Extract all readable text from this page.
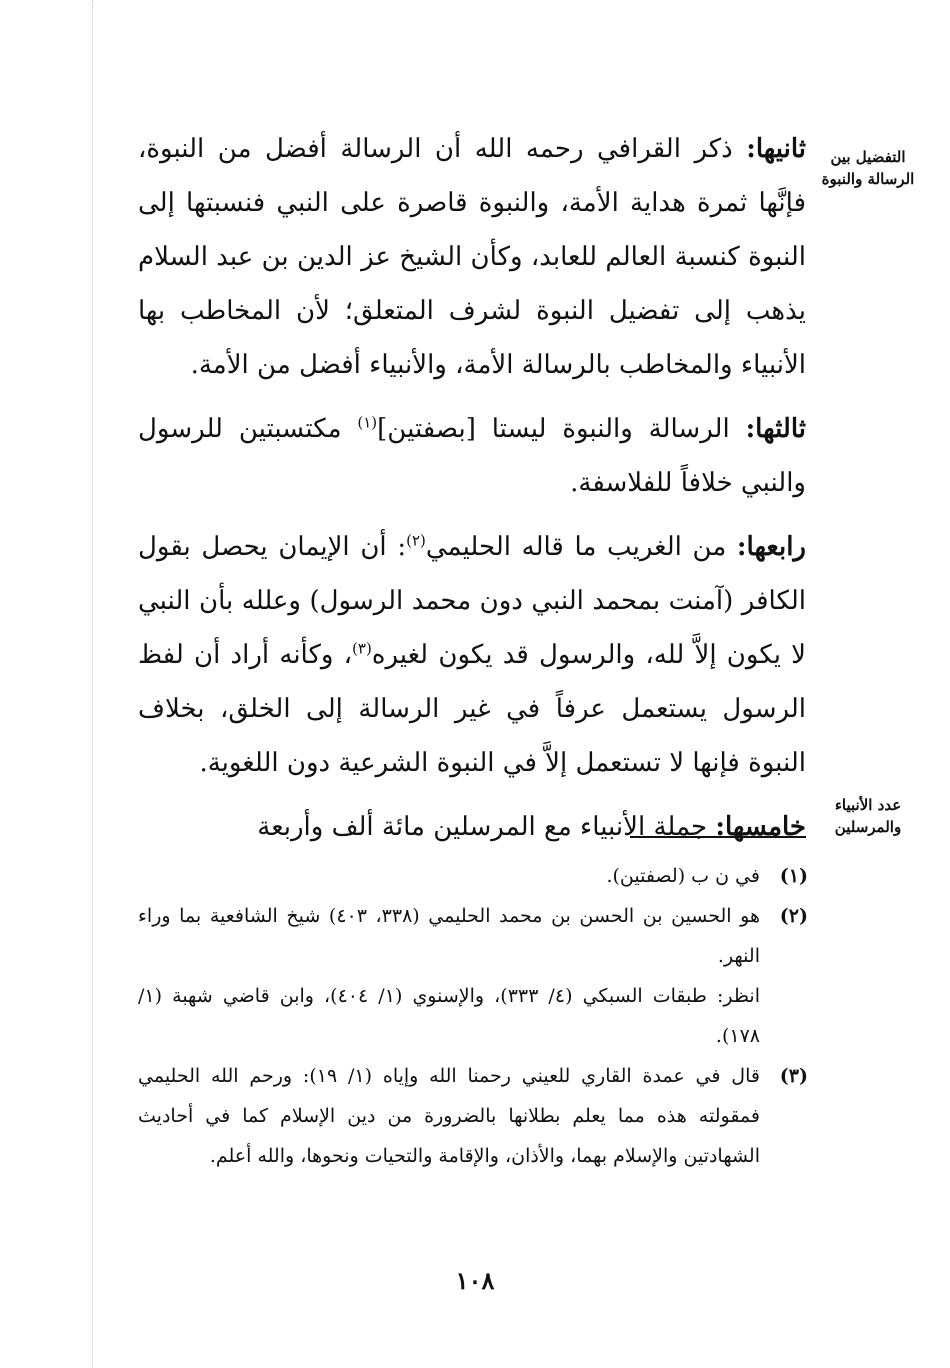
التفضيل بين الرسالة والنبوة
عدد الأنبياء والمرسلين

ثانيها: ذكر القرافي رحمه الله أن الرسالة أفضل من النبوة، فإنَّها ثمرة هداية الأمة، والنبوة قاصرة على النبي فنسبتها إلى النبوة كنسبة العالم للعابد، وكأن الشيخ عز الدين بن عبد السلام يذهب إلى تفضيل النبوة لشرف المتعلق؛ لأن المخاطب بها الأنبياء والمخاطب بالرسالة الأمة، والأنبياء أفضل من الأمة.

ثالثها: الرسالة والنبوة ليستا [بصفتين]$^{(١)}$ مكتسبتين للرسول والنبي خلافاً للفلاسفة.

رابعها: من الغريب ما قاله الحليمي$^{(٢)}$: أن الإيمان يحصل بقول الكافر (آمنت بمحمد النبي دون محمد الرسول) وعلله بأن النبي لا يكون إلاَّ لله، والرسول قد يكون لغيره$^{(٣)}$، وكأنه أراد أن لفظ الرسول يستعمل عرفاً في غير الرسالة إلى الخلق، بخلاف النبوة فإنها لا تستعمل إلاَّ في النبوة الشرعية دون اللغوية.

خامسها: جملة الأنبياء مع المرسلين مائة ألف وأربعة

(١)

في ن ب (لصفتين).

(٢)

هو الحسين بن الحسن بن محمد الحليمي (٣٣٨، ٤٠٣) شيخ الشافعية بما وراء النهر.

انظر: طبقات السبكي (٤/ ٣٣٣)، والإسنوي (١/ ٤٠٤)، وابن قاضي شهبة (١/ ١٧٨).

(٣)

قال في عمدة القاري للعيني رحمنا الله وإياه (١/ ١٩): ورحم الله الحليمي فمقولته هذه مما يعلم بطلانها بالضرورة من دين الإسلام كما في أحاديث الشهادتين والإسلام بهما، والأذان، والإقامة والتحيات ونحوها، والله أعلم.

١٠٨
